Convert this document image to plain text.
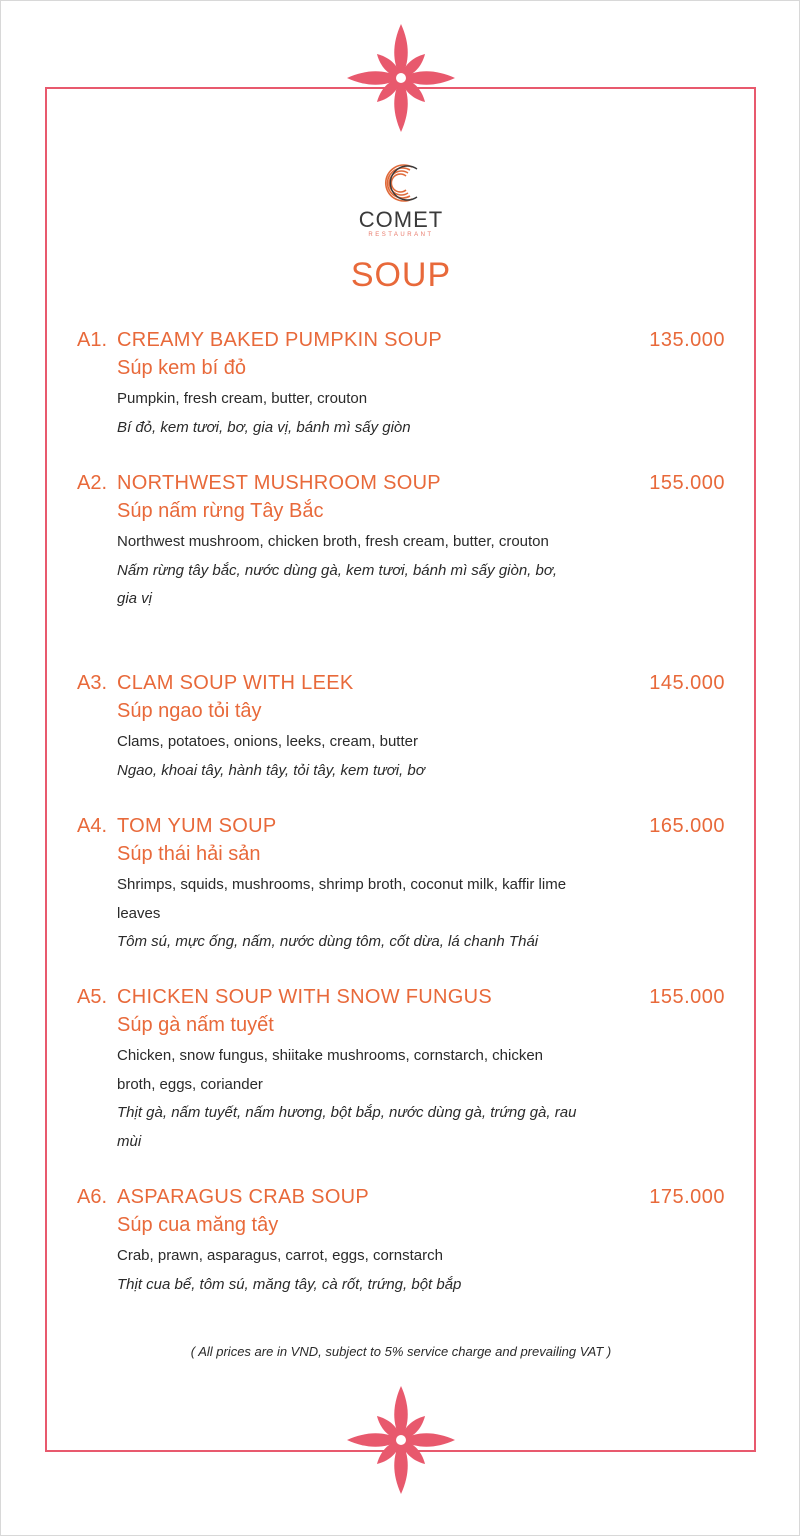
COMET
RESTAURANT
SOUP
A1. CREAMY BAKED PUMPKIN SOUP	135.000
Súp kem bí đỏ
Pumpkin, fresh cream, butter, crouton
Bí đỏ, kem tươi, bơ, gia vị, bánh mì sấy giòn
A2. NORTHWEST MUSHROOM SOUP	155.000
Súp nấm rừng Tây Bắc
Northwest mushroom, chicken broth, fresh cream, butter, crouton
Nấm rừng tây bắc, nước dùng gà, kem tươi, bánh mì sấy giòn, bơ, gia vị
A3. CLAM SOUP WITH LEEK	145.000
Súp ngao tỏi tây
Clams, potatoes, onions, leeks, cream, butter
Ngao, khoai tây, hành tây, tỏi tây, kem tươi, bơ
A4. TOM YUM SOUP	165.000
Súp thái hải sản
Shrimps, squids, mushrooms, shrimp broth, coconut milk, kaffir lime leaves
Tôm sú, mực ống, nấm, nước dùng tôm, cốt dừa, lá chanh Thái
A5. CHICKEN SOUP WITH SNOW FUNGUS	155.000
Súp gà nấm tuyết
Chicken, snow fungus, shiitake mushrooms, cornstarch, chicken broth, eggs, coriander
Thịt gà, nấm tuyết, nấm hương, bột bắp, nước dùng gà, trứng gà, rau mùi
A6. ASPARAGUS CRAB SOUP	175.000
Súp cua măng tây
Crab, prawn, asparagus, carrot, eggs, cornstarch
Thịt cua bể, tôm sú, măng tây, cà rốt, trứng, bột bắp
( All prices are in VND, subject to 5% service charge and prevailing VAT )
